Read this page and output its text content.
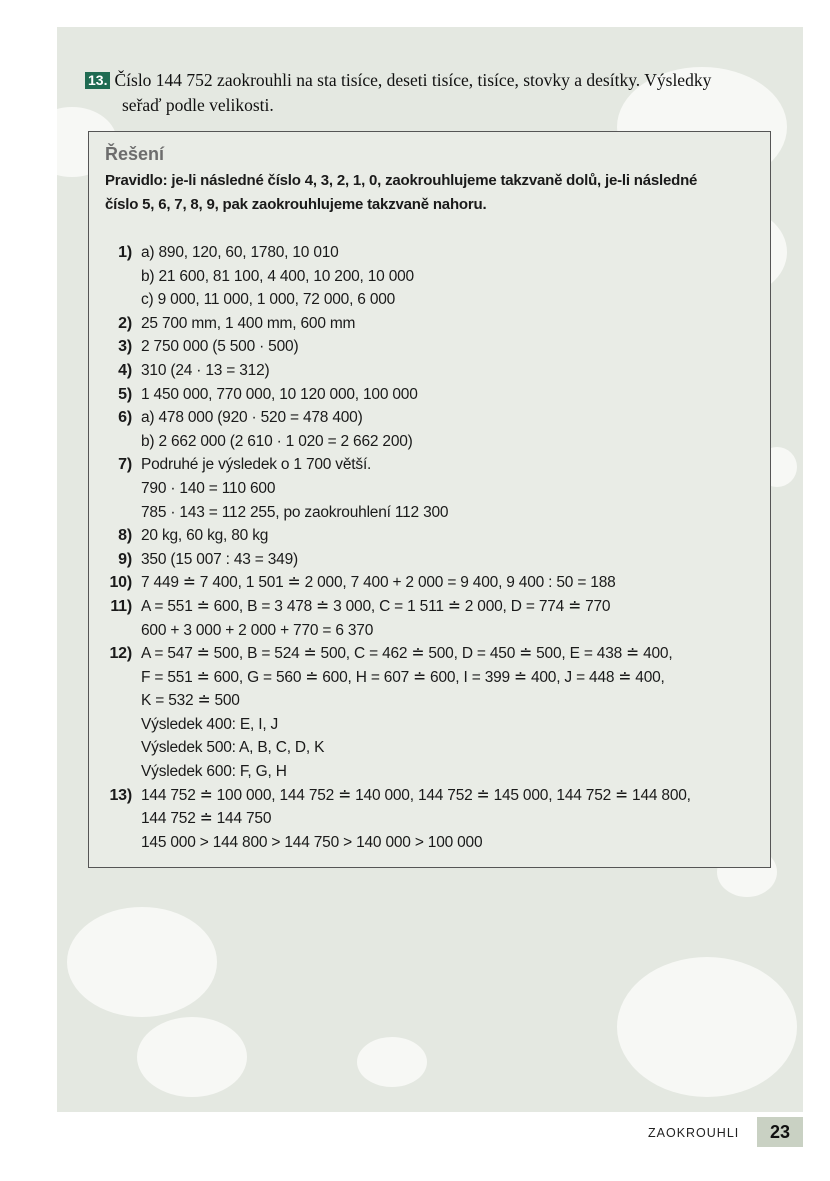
13. Číslo 144 752 zaokrouhli na sta tisíce, deseti tisíce, tisíce, stovky a desítky. Výsledky
seřaď podle velikosti.
Řešení
Pravidlo: je-li následné číslo 4, 3, 2, 1, 0, zaokrouhlujeme takzvaně dolů, je-li následné
číslo 5, 6, 7, 8, 9, pak zaokrouhlujeme takzvaně nahoru.
1) a) 890, 120, 60, 1780, 10 010
b) 21 600, 81 100, 4 400, 10 200, 10 000
c) 9 000, 11 000, 1 000, 72 000, 6 000
2) 25 700 mm, 1 400 mm, 600 mm
3) 2 750 000 (5 500 · 500)
4) 310 (24 · 13 = 312)
5) 1 450 000, 770 000, 10 120 000, 100 000
6) a) 478 000 (920 · 520 = 478 400)
b) 2 662 000 (2 610 · 1 020 = 2 662 200)
7) Podruhé je výsledek o 1 700 větší.
790 · 140 = 110 600
785 · 143 = 112 255, po zaokrouhlení 112 300
8) 20 kg, 60 kg, 80 kg
9) 350 (15 007 : 43 = 349)
10) 7 449 ≐ 7 400, 1 501 ≐ 2 000, 7 400 + 2 000 = 9 400, 9 400 : 50 = 188
11) A = 551 ≐ 600, B = 3 478 ≐ 3 000, C = 1 511 ≐ 2 000, D = 774 ≐ 770
600 + 3 000 + 2 000 + 770 = 6 370
12) A = 547 ≐ 500, B = 524 ≐ 500, C = 462 ≐ 500, D = 450 ≐ 500, E = 438 ≐ 400,
F = 551 ≐ 600, G = 560 ≐ 600, H = 607 ≐ 600, I = 399 ≐ 400, J = 448 ≐ 400,
K = 532 ≐ 500
Výsledek 400: E, I, J
Výsledek 500: A, B, C, D, K
Výsledek 600: F, G, H
13) 144 752 ≐ 100 000, 144 752 ≐ 140 000, 144 752 ≐ 145 000, 144 752 ≐ 144 800,
144 752 ≐ 144 750
145 000 > 144 800 > 144 750 > 140 000 > 100 000
ZAOKROUHLI	23
